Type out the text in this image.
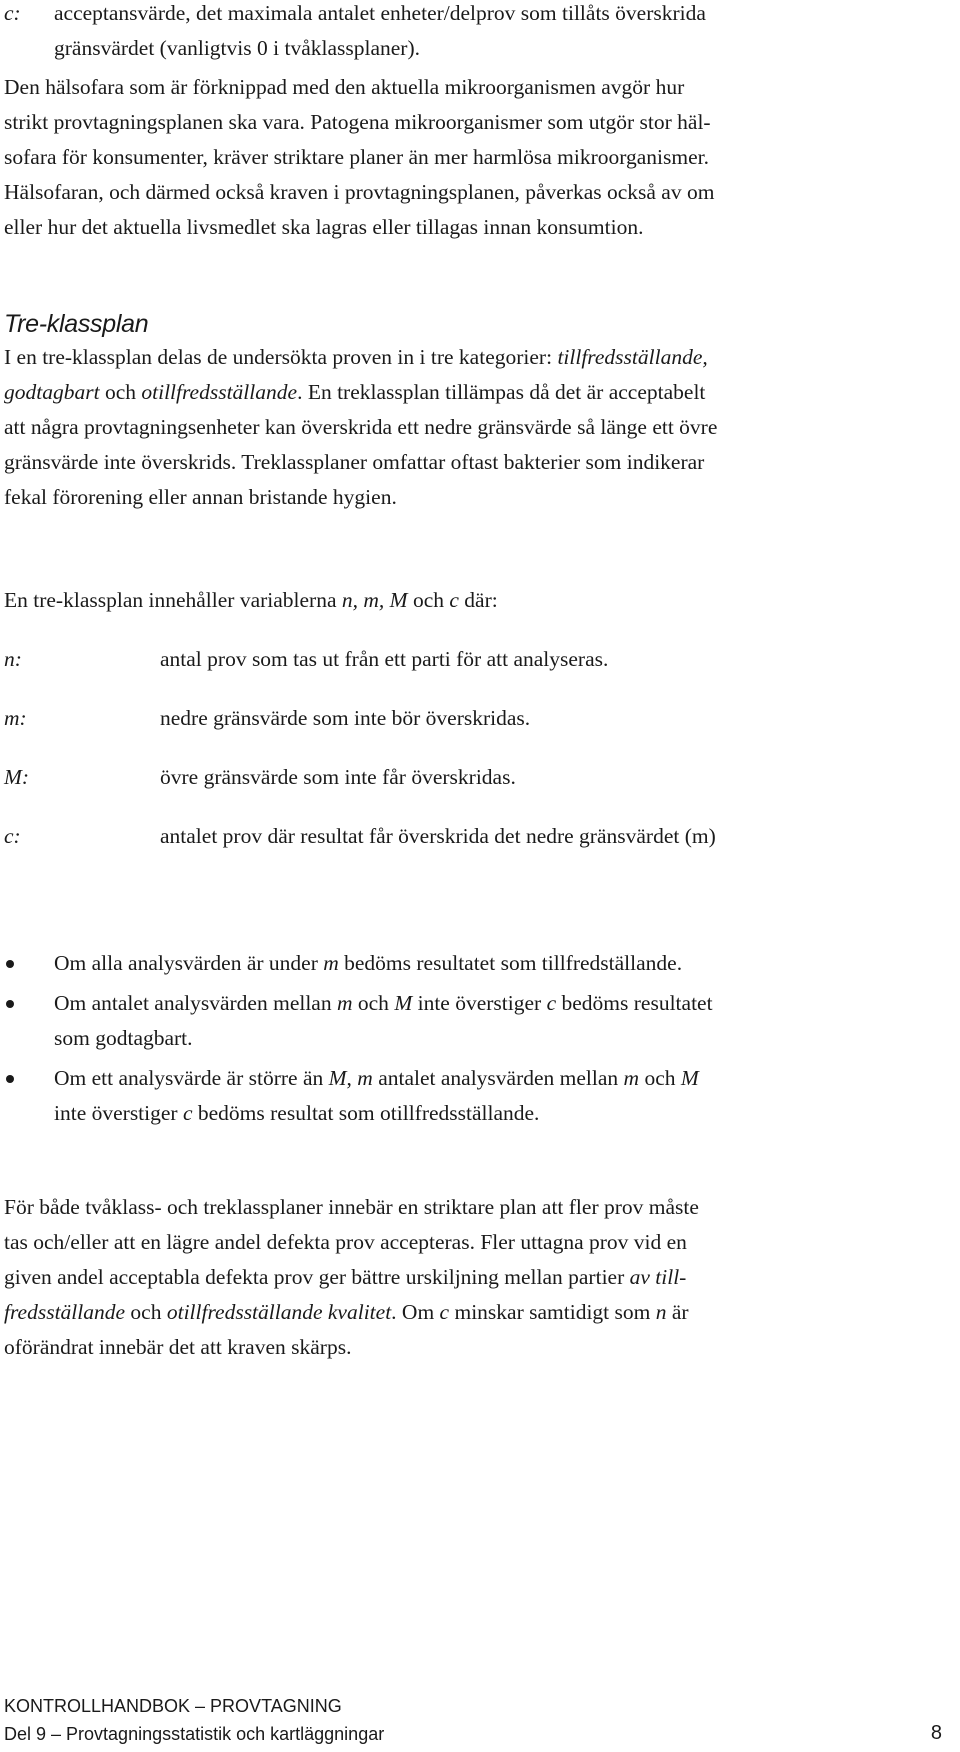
c: acceptansvärde, det maximala antalet enheter/delprov som tillåts överskrida
gränsvärdet (vanligtvis 0 i tvåklassplaner).

Den hälsofara som är förknippad med den aktuella mikroorganismen avgör hur
strikt provtagningsplanen ska vara. Patogena mikroorganismer som utgör stor häl-
sofara för konsumenter, kräver striktare planer än mer harmlösa mikroorganismer.
Hälsofaran, och därmed också kraven i provtagningsplanen, påverkas också av om
eller hur det aktuella livsmedlet ska lagras eller tillagas innan konsumtion.

Tre-klassplan

I en tre-klassplan delas de undersökta proven in i tre kategorier: tillfredsställande,
godtagbart och otillfredsställande. En treklassplan tillämpas då det är acceptabelt
att några provtagningsenheter kan överskrida ett nedre gränsvärde så länge ett övre
gränsvärde inte överskrids. Treklassplaner omfattar oftast bakterier som indikerar
fekal förorening eller annan bristande hygien.

En tre-klassplan innehåller variablerna n, m, M och c där:

n:	antal prov som tas ut från ett parti för att analyseras.
m:	nedre gränsvärde som inte bör överskridas.
M:	övre gränsvärde som inte får överskridas.
c:	antalet prov där resultat får överskrida det nedre gränsvärdet (m)
Om alla analysvärden är under m bedöms resultatet som tillfredställande.
Om antalet analysvärden mellan m och M inte överstiger c bedöms resultatet
som godtagbart.
Om ett analysvärde är större än M, m antalet analysvärden mellan m och M
inte överstiger c bedöms resultat som otillfredsställande.

För både tvåklass- och treklassplaner innebär en striktare plan att fler prov måste
tas och/eller att en lägre andel defekta prov accepteras. Fler uttagna prov vid en
given andel acceptabla defekta prov ger bättre urskiljning mellan partier av till-
fredsställande och otillfredsställande kvalitet. Om c minskar samtidigt som n är
oförändrat innebär det att kraven skärps.

KONTROLLHANDBOK – PROVTAGNING
Del 9 – Provtagningsstatistik och kartläggningar	8
